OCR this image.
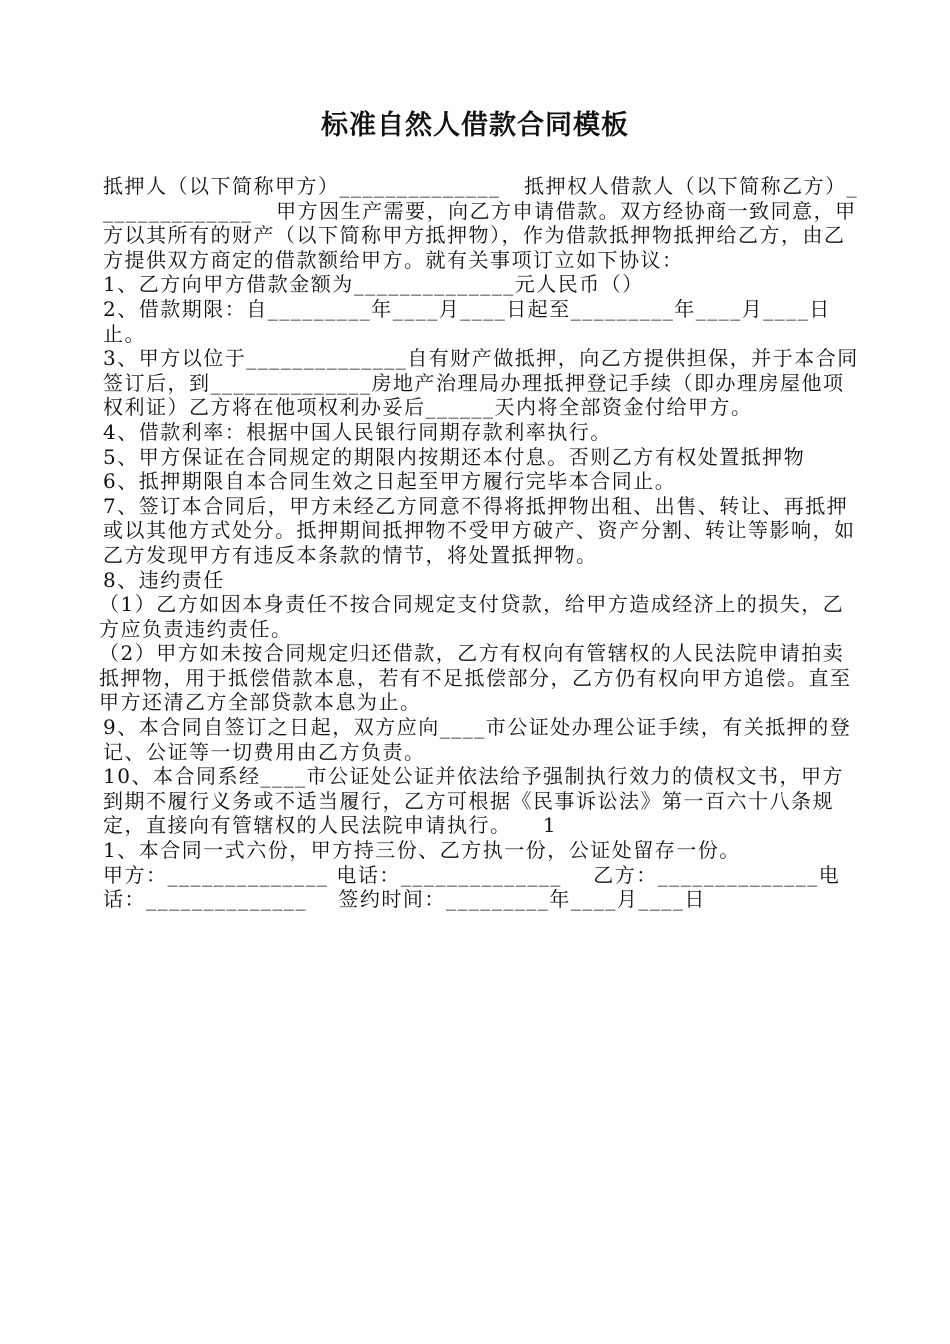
标准自然人借款合同模板

抵押人（以下简称甲方）______________   抵押权人借款人（以下简称乙方）______________   甲方因生产需要，向乙方申请借款。双方经协商一致同意，甲方以其所有的财产（以下简称甲方抵押物），作为借款抵押物抵押给乙方，由乙方提供双方商定的借款额给甲方。就有关事项订立如下协议：

1、乙方向甲方借款金额为______________元人民币（）

2、借款期限：自_________年____月____日起至_________年____月____日止。

3、甲方以位于______________自有财产做抵押，向乙方提供担保，并于本合同签订后，到______________房地产治理局办理抵押登记手续（即办理房屋他项权利证）乙方将在他项权利办妥后______天内将全部资金付给甲方。

4、借款利率：根据中国人民银行同期存款利率执行。

5、甲方保证在合同规定的期限内按期还本付息。否则乙方有权处置抵押物

6、抵押期限自本合同生效之日起至甲方履行完毕本合同止。

7、签订本合同后，甲方未经乙方同意不得将抵押物出租、出售、转让、再抵押或以其他方式处分。抵押期间抵押物不受甲方破产、资产分割、转让等影响，如乙方发现甲方有违反本条款的情节，将处置抵押物。

8、违约责任

（1）乙方如因本身责任不按合同规定支付贷款，给甲方造成经济上的损失，乙方应负责违约责任。

（2）甲方如未按合同规定归还借款，乙方有权向有管辖权的人民法院申请拍卖抵押物，用于抵偿借款本息，若有不足抵偿部分，乙方仍有权向甲方追偿。直至甲方还清乙方全部贷款本息为止。

9、本合同自签订之日起，双方应向____市公证处办理公证手续，有关抵押的登记、公证等一切费用由乙方负责。

10、本合同系经____市公证处公证并依法给予强制执行效力的债权文书，甲方到期不履行义务或不适当履行，乙方可根据《民事诉讼法》第一百六十八条规定，直接向有管辖权的人民法院申请执行。    1

1、本合同一式六份，甲方持三份、乙方执一份，公证处留存一份。

甲方：______________ 电话：______________    乙方：______________电话：______________    签约时间：_________年____月____日
